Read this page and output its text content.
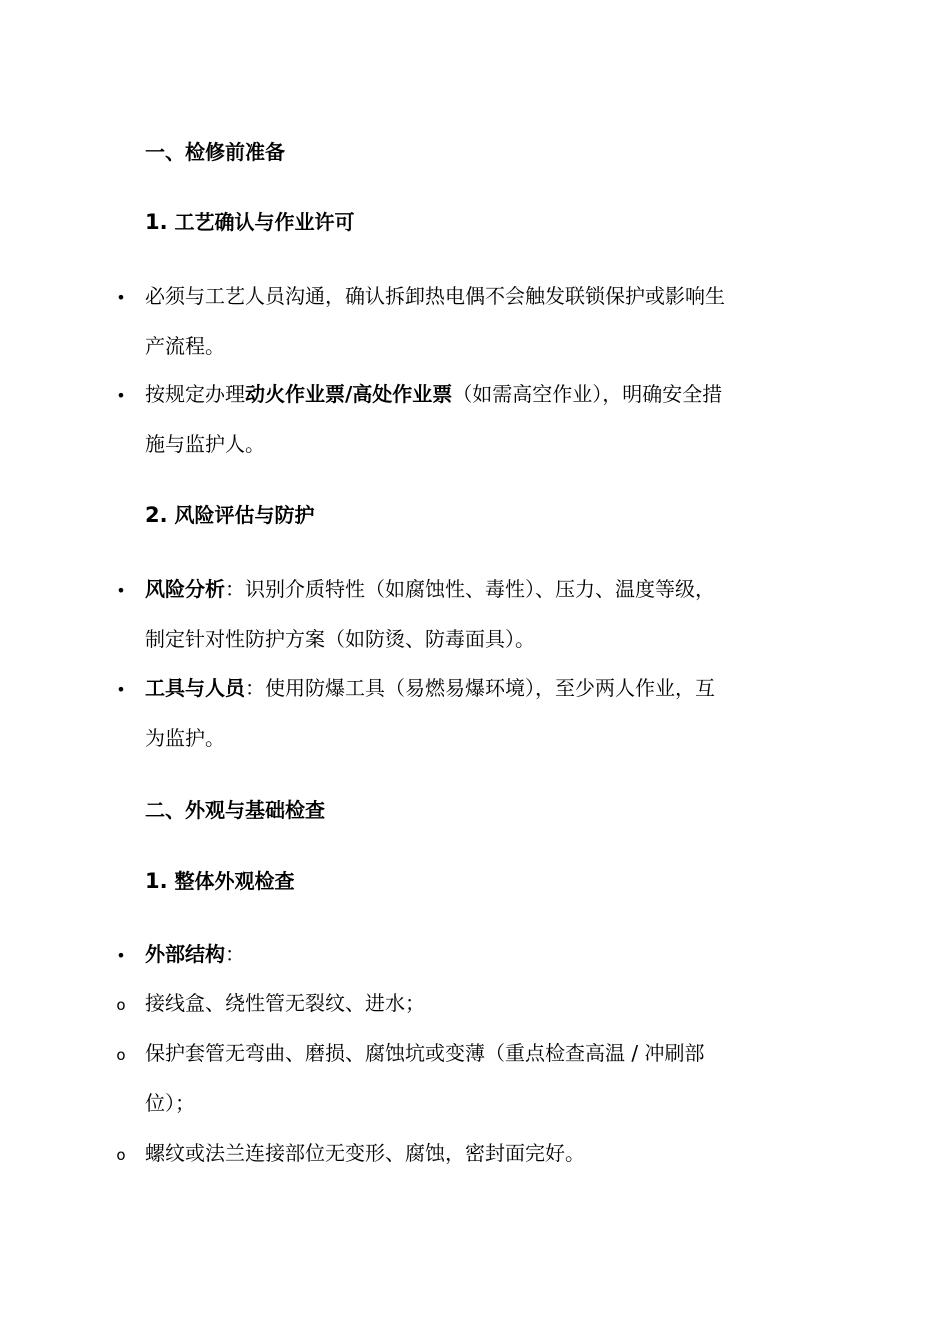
一、检修前准备
1. 工艺确认与作业许可
•
必须与工艺人员沟通，确认拆卸热电偶不会触发联锁保护或影响生
产流程。
•
按规定办理动火作业票/高处作业票（如需高空作业），明确安全措
施与监护人。
2. 风险评估与防护
•
风险分析：识别介质特性（如腐蚀性、毒性）、压力、温度等级，
制定针对性防护方案（如防烫、防毒面具）。
•
工具与人员：使用防爆工具（易燃易爆环境），至少两人作业，互
为监护。
二、外观与基础检查
1. 整体外观检查
•
外部结构：
o
接线盒、绕性管无裂纹、进水；
o
保护套管无弯曲、磨损、腐蚀坑或变薄（重点检查高温 / 冲刷部
位）；
o
螺纹或法兰连接部位无变形、腐蚀，密封面完好。
